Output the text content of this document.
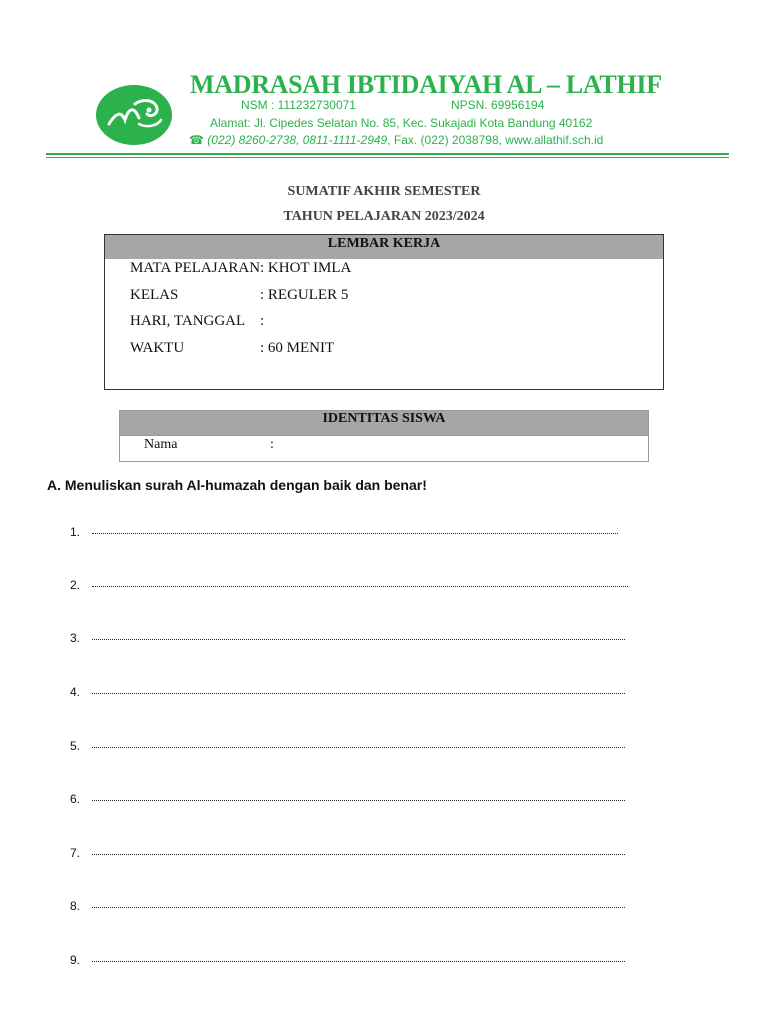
MADRASAH IBTIDAIYAH AL – LATHIF
NSM : 111232730071	NPSN. 69956194
Alamat: Jl. Cipedes Selatan No. 85, Kec. Sukajadi Kota Bandung 40162
☎ (022) 8260-2738, 0811-1111-2949, Fax. (022) 2038798, www.allathif.sch.id
SUMATIF AKHIR SEMESTER
TAHUN PELAJARAN 2023/2024
LEMBAR KERJA
MATA PELAJARAN : KHOT IMLA
KELAS	: REGULER 5
HARI, TANGGAL :
WAKTU	: 60 MENIT
IDENTITAS SISWA
Nama	:
A. Menuliskan surah Al-humazah dengan baik dan benar!
1.
2.
3.
4.
5.
6.
7.
8.
9.
